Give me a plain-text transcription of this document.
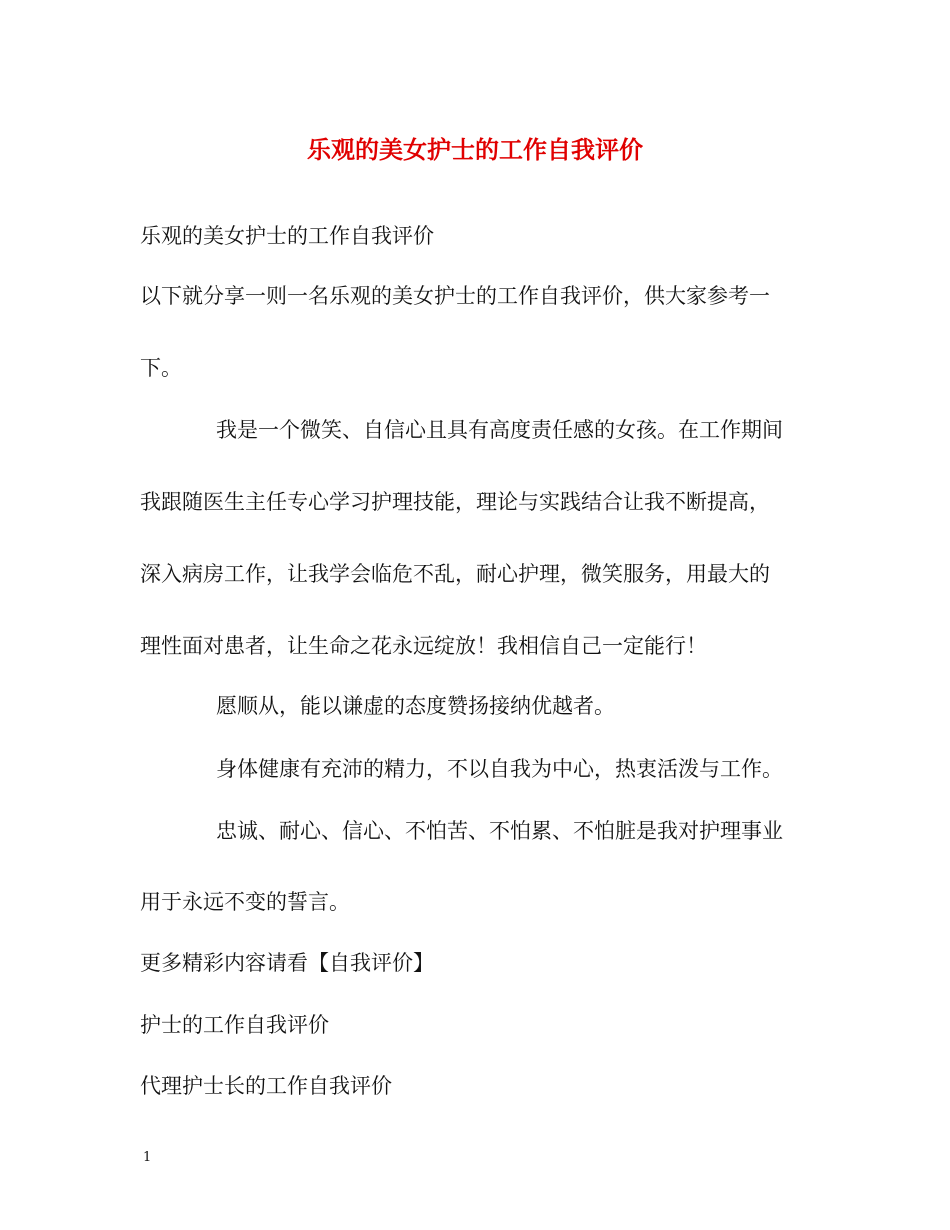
乐观的美女护士的工作自我评价
乐观的美女护士的工作自我评价
以下就分享一则一名乐观的美女护士的工作自我评价，供大家参考一
下。
我是一个微笑、自信心且具有高度责任感的女孩。在工作期间
我跟随医生主任专心学习护理技能，理论与实践结合让我不断提高，
深入病房工作，让我学会临危不乱，耐心护理，微笑服务，用最大的
理性面对患者，让生命之花永远绽放！我相信自己一定能行！
愿顺从，能以谦虚的态度赞扬接纳优越者。
身体健康有充沛的精力，不以自我为中心，热衷活泼与工作。
忠诚、耐心、信心、不怕苦、不怕累、不怕脏是我对护理事业
用于永远不变的誓言。
更多精彩内容请看【自我评价】
护士的工作自我评价
代理护士长的工作自我评价
1
